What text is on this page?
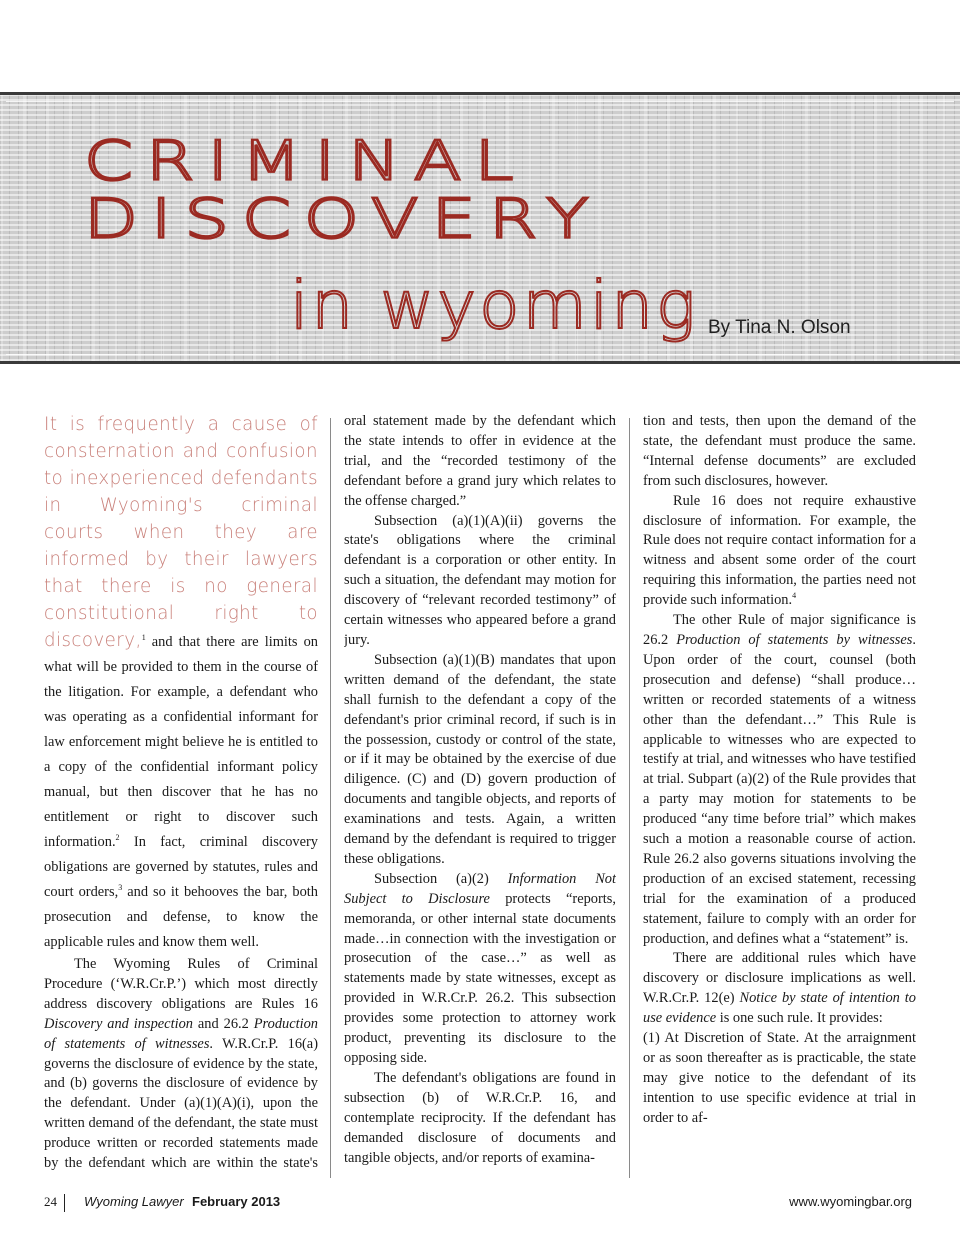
CRIMINAL
DISCOVERY
in wyoming By Tina N. Olson

It is frequently a cause of consternation and confusion to inexperienced defendants in Wyoming's criminal courts when they are informed by their lawyers that there is no general constitutional right to discovery,$^1$ and that there are limits on what will be provided to them in the course of the litigation. For example, a defendant who was operating as a confidential informant for law enforcement might believe he is entitled to a copy of the confidential informant policy manual, but then discover that he has no entitlement or right to discover such information.$^2$ In fact, criminal discovery obligations are governed by statutes, rules and court orders,$^3$ and so it behooves the bar, both prosecution and defense, to know the applicable rules and know them well.

The Wyoming Rules of Criminal Procedure (‘W.R.Cr.P.’) which most directly address discovery obligations are Rules 16 Discovery and inspection and 26.2 Production of statements of witnesses. W.R.Cr.P. 16(a) governs the disclosure of evidence by the state, and (b) governs the disclosure of evidence by the defendant. Under (a)(1)(A)(i), upon the written demand of the defendant, the state must produce written or recorded statements made by the defendant which are within the state's

oral statement made by the defendant which the state intends to offer in evidence at the trial, and the “recorded testimony of the defendant before a grand jury which relates to the offense charged.”

Subsection (a)(1)(A)(ii) governs the state's obligations where the criminal defendant is a corporation or other entity. In such a situation, the defendant may motion for discovery of “relevant recorded testimony” of certain witnesses who appeared before a grand jury.

Subsection (a)(1)(B) mandates that upon written demand of the defendant, the state shall furnish to the defendant a copy of the defendant's prior criminal record, if such is in the possession, custody or control of the state, or if it may be obtained by the exercise of due diligence. (C) and (D) govern production of documents and tangible objects, and reports of examinations and tests. Again, a written demand by the defendant is required to trigger these obligations.

Subsection (a)(2) Information Not Subject to Disclosure protects “reports, memoranda, or other internal state documents made…in connection with the investigation or prosecution of the case…” as well as statements made by state witnesses, except as provided in W.R.Cr.P. 26.2. This subsection provides some protection to attorney work product, preventing its disclosure to the opposing side.

The defendant's obligations are found in subsection (b) of W.R.Cr.P. 16, and contemplate reciprocity. If the defendant has demanded disclosure of documents and tangible objects, and/or reports of examina-

tion and tests, then upon the demand of the state, the defendant must produce the same. “Internal defense documents” are excluded from such disclosures, however.

Rule 16 does not require exhaustive disclosure of information. For example, the Rule does not require contact information for a witness and absent some order of the court requiring this information, the parties need not provide such information.$^4$

The other Rule of major significance is 26.2 Production of statements by witnesses. Upon order of the court, counsel (both prosecution and defense) “shall produce… written or recorded statements of a witness other than the defendant…” This Rule is applicable to witnesses who are expected to testify at trial, and witnesses who have testified at trial. Subpart (a)(2) of the Rule provides that a party may motion for statements to be produced “any time before trial” which makes such a motion a reasonable course of action. Rule 26.2 also governs situations involving the production of an excised statement, recessing trial for the examination of a produced statement, failure to comply with an order for production, and defines what a “statement” is.

There are additional rules which have discovery or disclosure implications as well. W.R.Cr.P. 12(e) Notice by state of intention to use evidence is one such rule. It provides:

(1) At Discretion of State. At the arraignment or as soon thereafter as is practicable, the state may give notice to the defendant of its intention to use specific evidence at trial in order to af-

24 Wyoming Lawyer February 2013	www.wyomingbar.org
